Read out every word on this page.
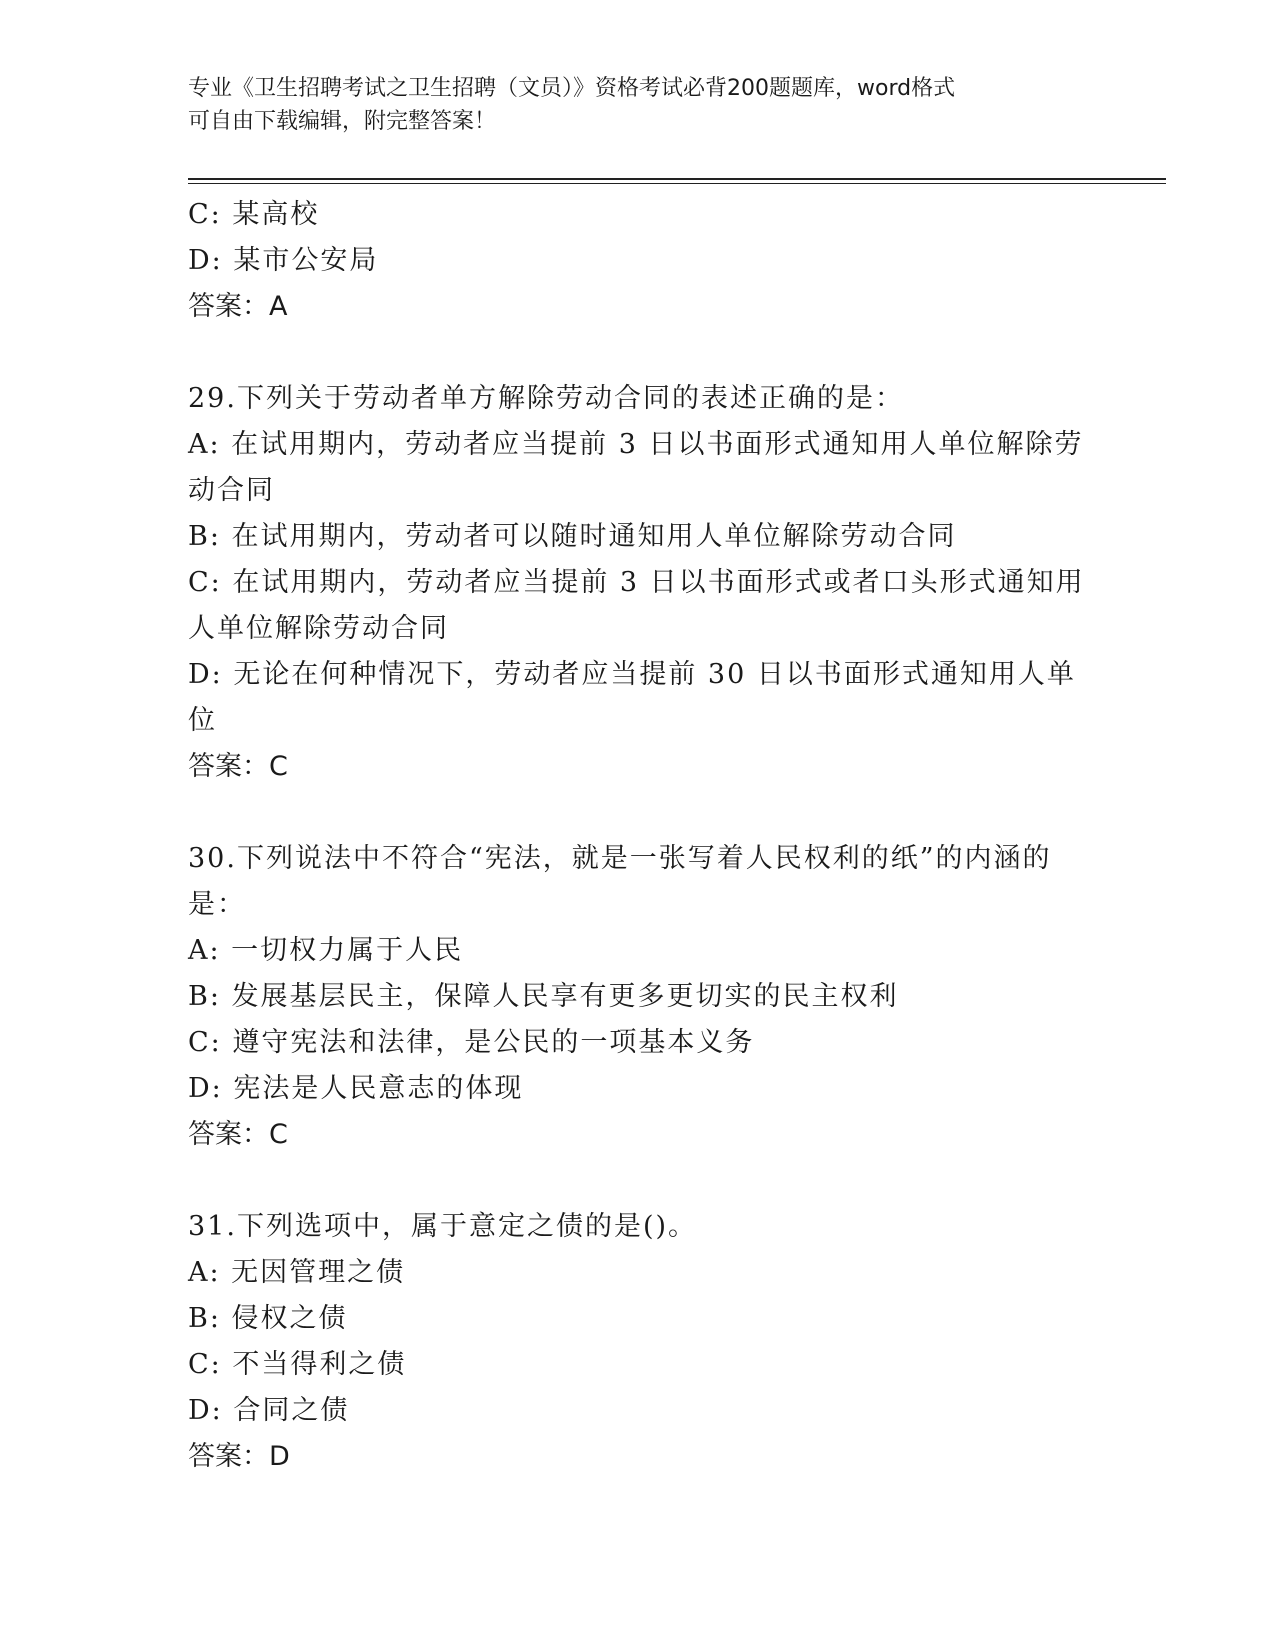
专业《卫生招聘考试之卫生招聘（文员）》资格考试必背200题题库，word格式
可自由下载编辑，附完整答案！
C: 某高校
D: 某市公安局
答案：A
29.下列关于劳动者单方解除劳动合同的表述正确的是：
A: 在试用期内，劳动者应当提前 3 日以书面形式通知用人单位解除劳
动合同
B: 在试用期内，劳动者可以随时通知用人单位解除劳动合同
C: 在试用期内，劳动者应当提前 3 日以书面形式或者口头形式通知用
人单位解除劳动合同
D: 无论在何种情况下，劳动者应当提前 30 日以书面形式通知用人单
位
答案：C
30.下列说法中不符合“宪法，就是一张写着人民权利的纸”的内涵的
是：
A: 一切权力属于人民
B: 发展基层民主，保障人民享有更多更切实的民主权利
C: 遵守宪法和法律，是公民的一项基本义务
D: 宪法是人民意志的体现
答案：C
31.下列选项中，属于意定之债的是()。
A: 无因管理之债
B: 侵权之债
C: 不当得利之债
D: 合同之债
答案：D
